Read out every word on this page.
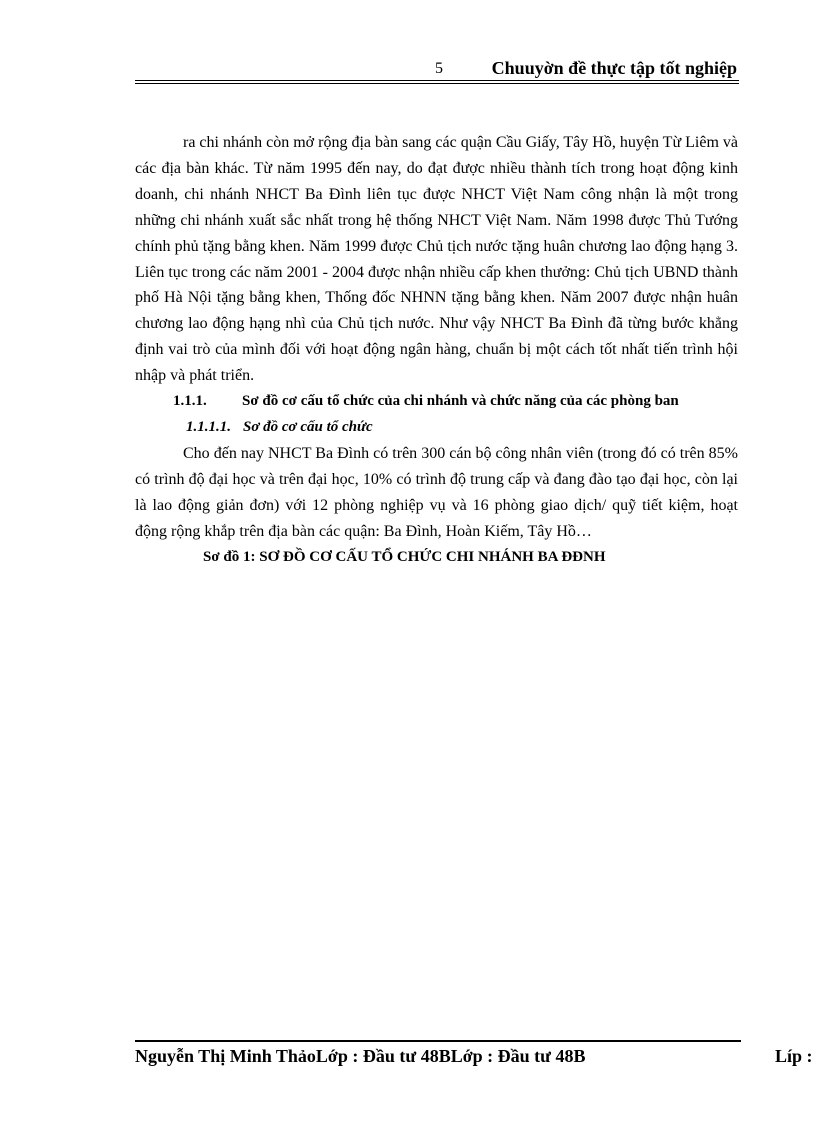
5	Chuuyờn đề thực tập tốt nghiệp

ra chi nhánh còn mở rộng địa bàn sang các quận Cầu Giấy, Tây Hồ, huyện Từ Liêm và các địa bàn khác. Từ năm 1995 đến nay, do đạt được nhiều thành tích trong hoạt động kinh doanh, chi nhánh NHCT Ba Đình liên tục được NHCT Việt Nam công nhận là một trong những chi nhánh xuất sắc nhất trong hệ thống NHCT Việt Nam. Năm 1998 được Thủ Tướng chính phủ tặng bằng khen. Năm 1999 được Chủ tịch nước tặng huân chương lao động hạng 3. Liên tục trong các năm 2001 - 2004 được nhận nhiều cấp khen thưởng: Chủ tịch UBND thành phố Hà Nội tặng bằng khen, Thống đốc NHNN tặng bằng khen. Năm 2007 được nhận huân chương lao động hạng nhì của Chủ tịch nước. Như vậy NHCT Ba Đình đã từng bước khẳng định vai trò của mình đối với hoạt động ngân hàng, chuẩn bị một cách tốt nhất tiến trình hội nhập và phát triển.

1.1.1. Sơ đồ cơ cấu tổ chức của chi nhánh và chức năng của các phòng ban

1.1.1.1. Sơ đồ cơ cấu tổ chức

Cho đến nay NHCT Ba Đình có trên 300 cán bộ công nhân viên (trong đó có trên 85% có trình độ đại học và trên đại học, 10% có trình độ trung cấp và đang đào tạo đại học, còn lại là lao động giản đơn) với 12 phòng nghiệp vụ và 16 phòng giao dịch/ quỹ tiết kiệm, hoạt động rộng khắp trên địa bàn các quận: Ba Đình, Hoàn Kiếm, Tây Hồ…

Sơ đồ 1: SƠ ĐỒ CƠ CẤU TỔ CHỨC CHI NHÁNH BA ĐÐNH

Nguyễn Thị Minh ThảoLớp : Đầu tư 48BLớp : Đầu tư 48B	Líp :
